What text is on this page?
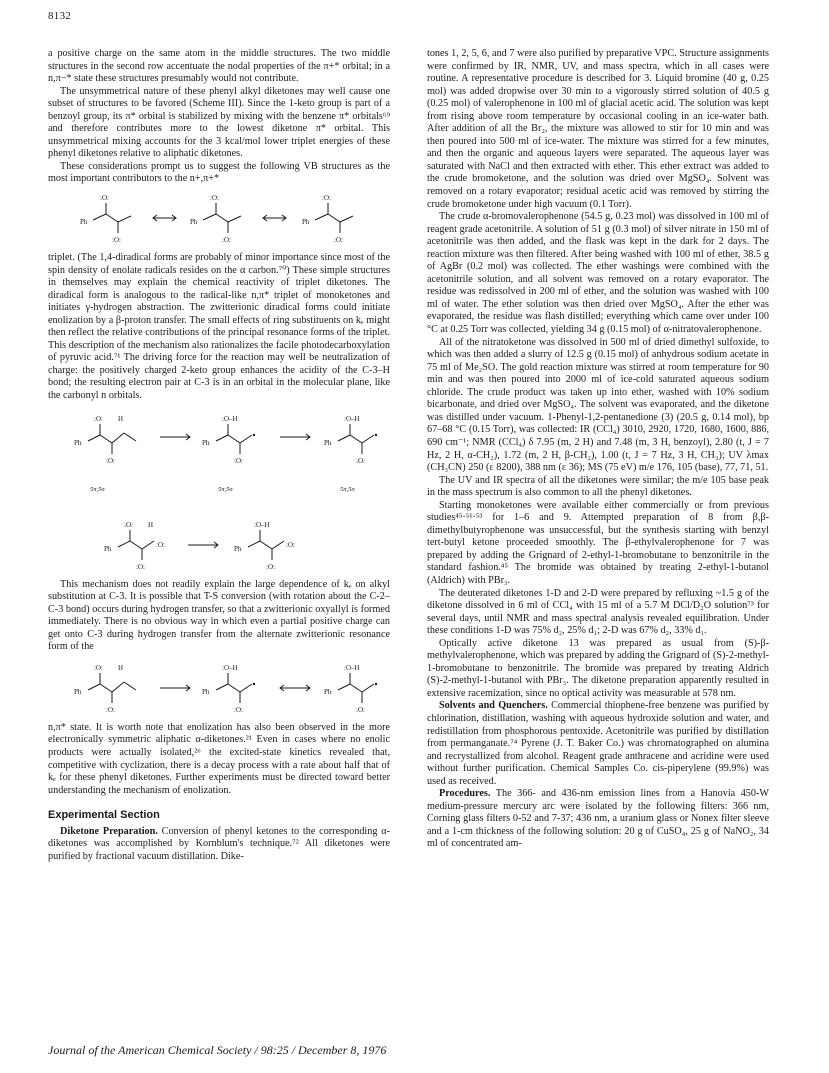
8132

a positive charge on the same atom in the middle structures. The two middle structures in the second row accentuate the nodal properties of the π+* orbital; in a n,π−* state these structures presumably would not contribute.

The unsymmetrical nature of these phenyl alkyl diketones may well cause one subset of structures to be favored (Scheme III). Since the 1-keto group is part of a benzoyl group, its π* orbital is stabilized by mixing with the benzene π* orbitals⁶⁹ and therefore contributes more to the lowest diketone π* orbital. This unsymmetrical mixing accounts for the 3 kcal/mol lower triplet energies of these phenyl diketones relative to aliphatic diketones.

These considerations prompt us to suggest the following VB structures as the most important contributors to the n+,π+*

:O:
Ph
:O:
:O:
Ph
:O:
:O:
Ph
:O:

triplet. (The 1,4-diradical forms are probably of minor importance since most of the spin density of enolate radicals resides on the α carbon.⁷⁰) These simple structures in themselves may explain the chemical reactivity of triplet diketones. The diradical form is analogous to the radical-like n,π* triplet of monoketones and initiates γ-hydrogen abstraction. The zwitterionic diradical forms could initiate enolization by a β-proton transfer. The small effects of ring substituents on kₑ might then reflect the relative contributions of the principal resonance forms of the triplet. This description of the mechanism also rationalizes the facile photodecarboxylation of pyruvic acid.⁷¹ The driving force for the reaction may well be neutralization of charge: the positively charged 2-keto group enhances the acidity of the C-3–H bond; the resulting electron pair at C-3 is in an orbital in the molecular plane, like the carbonyl n orbitals.

:O: H
Ph
:O:
5π,5σ
:O–H
Ph
:O:
5π,5σ
:O–H
Ph
:O:
5π,5σ
:O: H
:O:
Ph
:O:
:O–H
:O:
Ph
:O:

This mechanism does not readily explain the large dependence of kₑ on alkyl substitution at C-3. It is possible that T-S conversion (with rotation about the C-2–C-3 bond) occurs during hydrogen transfer, so that a zwitterionic oxyallyl is formed immediately. There is no obvious way in which even a partial positive charge can get onto C-3 during hydrogen transfer from the alternate zwitterionic resonance form of the

:O: H
Ph
:O:
:O–H
Ph
:O:
:O–H
Ph
:O:

n,π* state. It is worth note that enolization has also been observed in the more electronically symmetric aliphatic α-diketones.²¹ Even in cases where no enolic products were actually isolated,²⁶ the excited-state kinetics revealed that, competitive with cyclization, there is a decay process with a rate about half that of kₑ for these phenyl diketones. Further experiments must be directed toward better understanding the mechanism of enolization.

Experimental Section

Diketone Preparation. Conversion of phenyl ketones to the corresponding α-diketones was accomplished by Kornblum's technique.⁷² All diketones were purified by fractional vacuum distillation. Dike-

tones 1, 2, 5, 6, and 7 were also purified by preparative VPC. Structure assignments were confirmed by IR, NMR, UV, and mass spectra, which in all cases were routine. A representative procedure is described for 3. Liquid bromine (40 g, 0.25 mol) was added dropwise over 30 min to a vigorously stirred solution of 40.5 g (0.25 mol) of valerophenone in 100 ml of glacial acetic acid. The solution was kept from rising above room temperature by occasional cooling in an ice-water bath. After addition of all the Br₂, the mixture was allowed to stir for 10 min and was then poured into 500 ml of ice-water. The mixture was stirred for a few minutes, and then the organic and aqueous layers were separated. The aqueous layer was saturated with NaCl and then extracted with ether. This ether extract was added to the crude bromoketone, and the solution was dried over MgSO₄. Solvent was removed on a rotary evaporator; residual acetic acid was removed by stirring the crude bromoketone under high vacuum (0.1 Torr).

The crude α-bromovalerophenone (54.5 g, 0.23 mol) was dissolved in 100 ml of reagent grade acetonitrile. A solution of 51 g (0.3 mol) of silver nitrate in 150 ml of acetonitrile was then added, and the flask was kept in the dark for 2 days. The reaction mixture was then filtered. After being washed with 100 ml of ether, 38.5 g of AgBr (0.2 mol) was collected. The ether washings were combined with the acetonitrile solution, and all solvent was removed on a rotary evaporator. The residue was redissolved in 200 ml of ether, and the solution was washed with 100 ml of water. The ether solution was then dried over MgSO₄. After the ether was evaporated, the residue was flash distilled; everything which came over under 100 °C at 0.25 Torr was collected, yielding 34 g (0.15 mol) of α-nitratovalerophenone.

All of the nitratoketone was dissolved in 500 ml of dried dimethyl sulfoxide, to which was then added a slurry of 12.5 g (0.15 mol) of anhydrous sodium acetate in 75 ml of Me₂SO. The gold reaction mixture was stirred at room temperature for 90 min and was then poured into 2000 ml of ice-cold saturated aqueous sodium chloride. The crude product was taken up into ether, washed with 10% sodium bicarbonate, and dried over MgSO₄. The solvent was evaporated, and the diketone was distilled under vacuum. 1-Phenyl-1,2-pentanedione (3) (20.5 g, 0.14 mol), bp 67–68 °C (0.15 Torr), was collected: IR (CCl₄) 3010, 2920, 1720, 1680, 1600, 886, 690 cm⁻¹; NMR (CCl₄) δ 7.95 (m, 2 H) and 7.48 (m, 3 H, benzoyl), 2.80 (t, J = 7 Hz, 2 H, α-CH₂), 1.72 (m, 2 H, β-CH₂), 1.00 (t, J = 7 Hz, 3 H, CH₃); UV λmax (CH₃CN) 250 (ε 8200), 388 nm (ε 36); MS (75 eV) m/e 176, 105 (base), 77, 71, 51.

The UV and IR spectra of all the diketones were similar; the m/e 105 base peak in the mass spectrum is also common to all the phenyl diketones.

Starting monoketones were available either commercially or from previous studies⁴⁵·⁵¹·⁵³ for 1–6 and 9. Attempted preparation of 8 from β,β-dimethylbutyrophenone was unsuccessful, but the synthesis starting with benzyl tert-butyl ketone proceeded smoothly. The β-ethylvalerophenone for 7 was prepared by adding the Grignard of 2-ethyl-1-bromobutane to benzonitrile in the standard fashion.⁴⁵ The bromide was obtained by treating 2-ethyl-1-butanol (Aldrich) with PBr₃.

The deuterated diketones 1-D and 2-D were prepared by refluxing ~1.5 g of the diketone dissolved in 6 ml of CCl₄ with 15 ml of a 5.7 M DCl/D₂O solution⁷³ for several days, until NMR and mass spectral analysis revealed equilibration. Under these conditions 1-D was 75% d₂, 25% d₁; 2-D was 67% d₂, 33% d₁.

Optically active diketone 13 was prepared as usual from (S)-β-methylvalerophenone, which was prepared by adding the Grignard of (S)-2-methyl-1-bromobutane to benzonitrile. The bromide was prepared by treating Aldrich (S)-2-methyl-1-butanol with PBr₃. The diketone preparation apparently resulted in extensive racemization, since no optical activity was measurable at 578 nm.

Solvents and Quenchers. Commercial thiophene-free benzene was purified by chlorination, distillation, washing with aqueous hydroxide solution and water, and redistillation from phosphorous pentoxide. Acetonitrile was purified by distillation from permanganate.⁷⁴ Pyrene (J. T. Baker Co.) was chromatographed on alumina and recrystallized from alcohol. Reagent grade anthracene and acridine were used without further purification. Chemical Samples Co. cis-piperylene (99.9%) was used as received.

Procedures. The 366- and 436-nm emission lines from a Hanovia 450-W medium-pressure mercury arc were isolated by the following filters: 366 nm, Corning glass filters 0-52 and 7-37; 436 nm, a uranium glass or Nonex filter sleeve and a 1-cm thickness of the following solution: 20 g of CuSO₄, 25 g of NaNO₂, 34 ml of concentrated am-

Journal of the American Chemical Society / 98:25 / December 8, 1976
